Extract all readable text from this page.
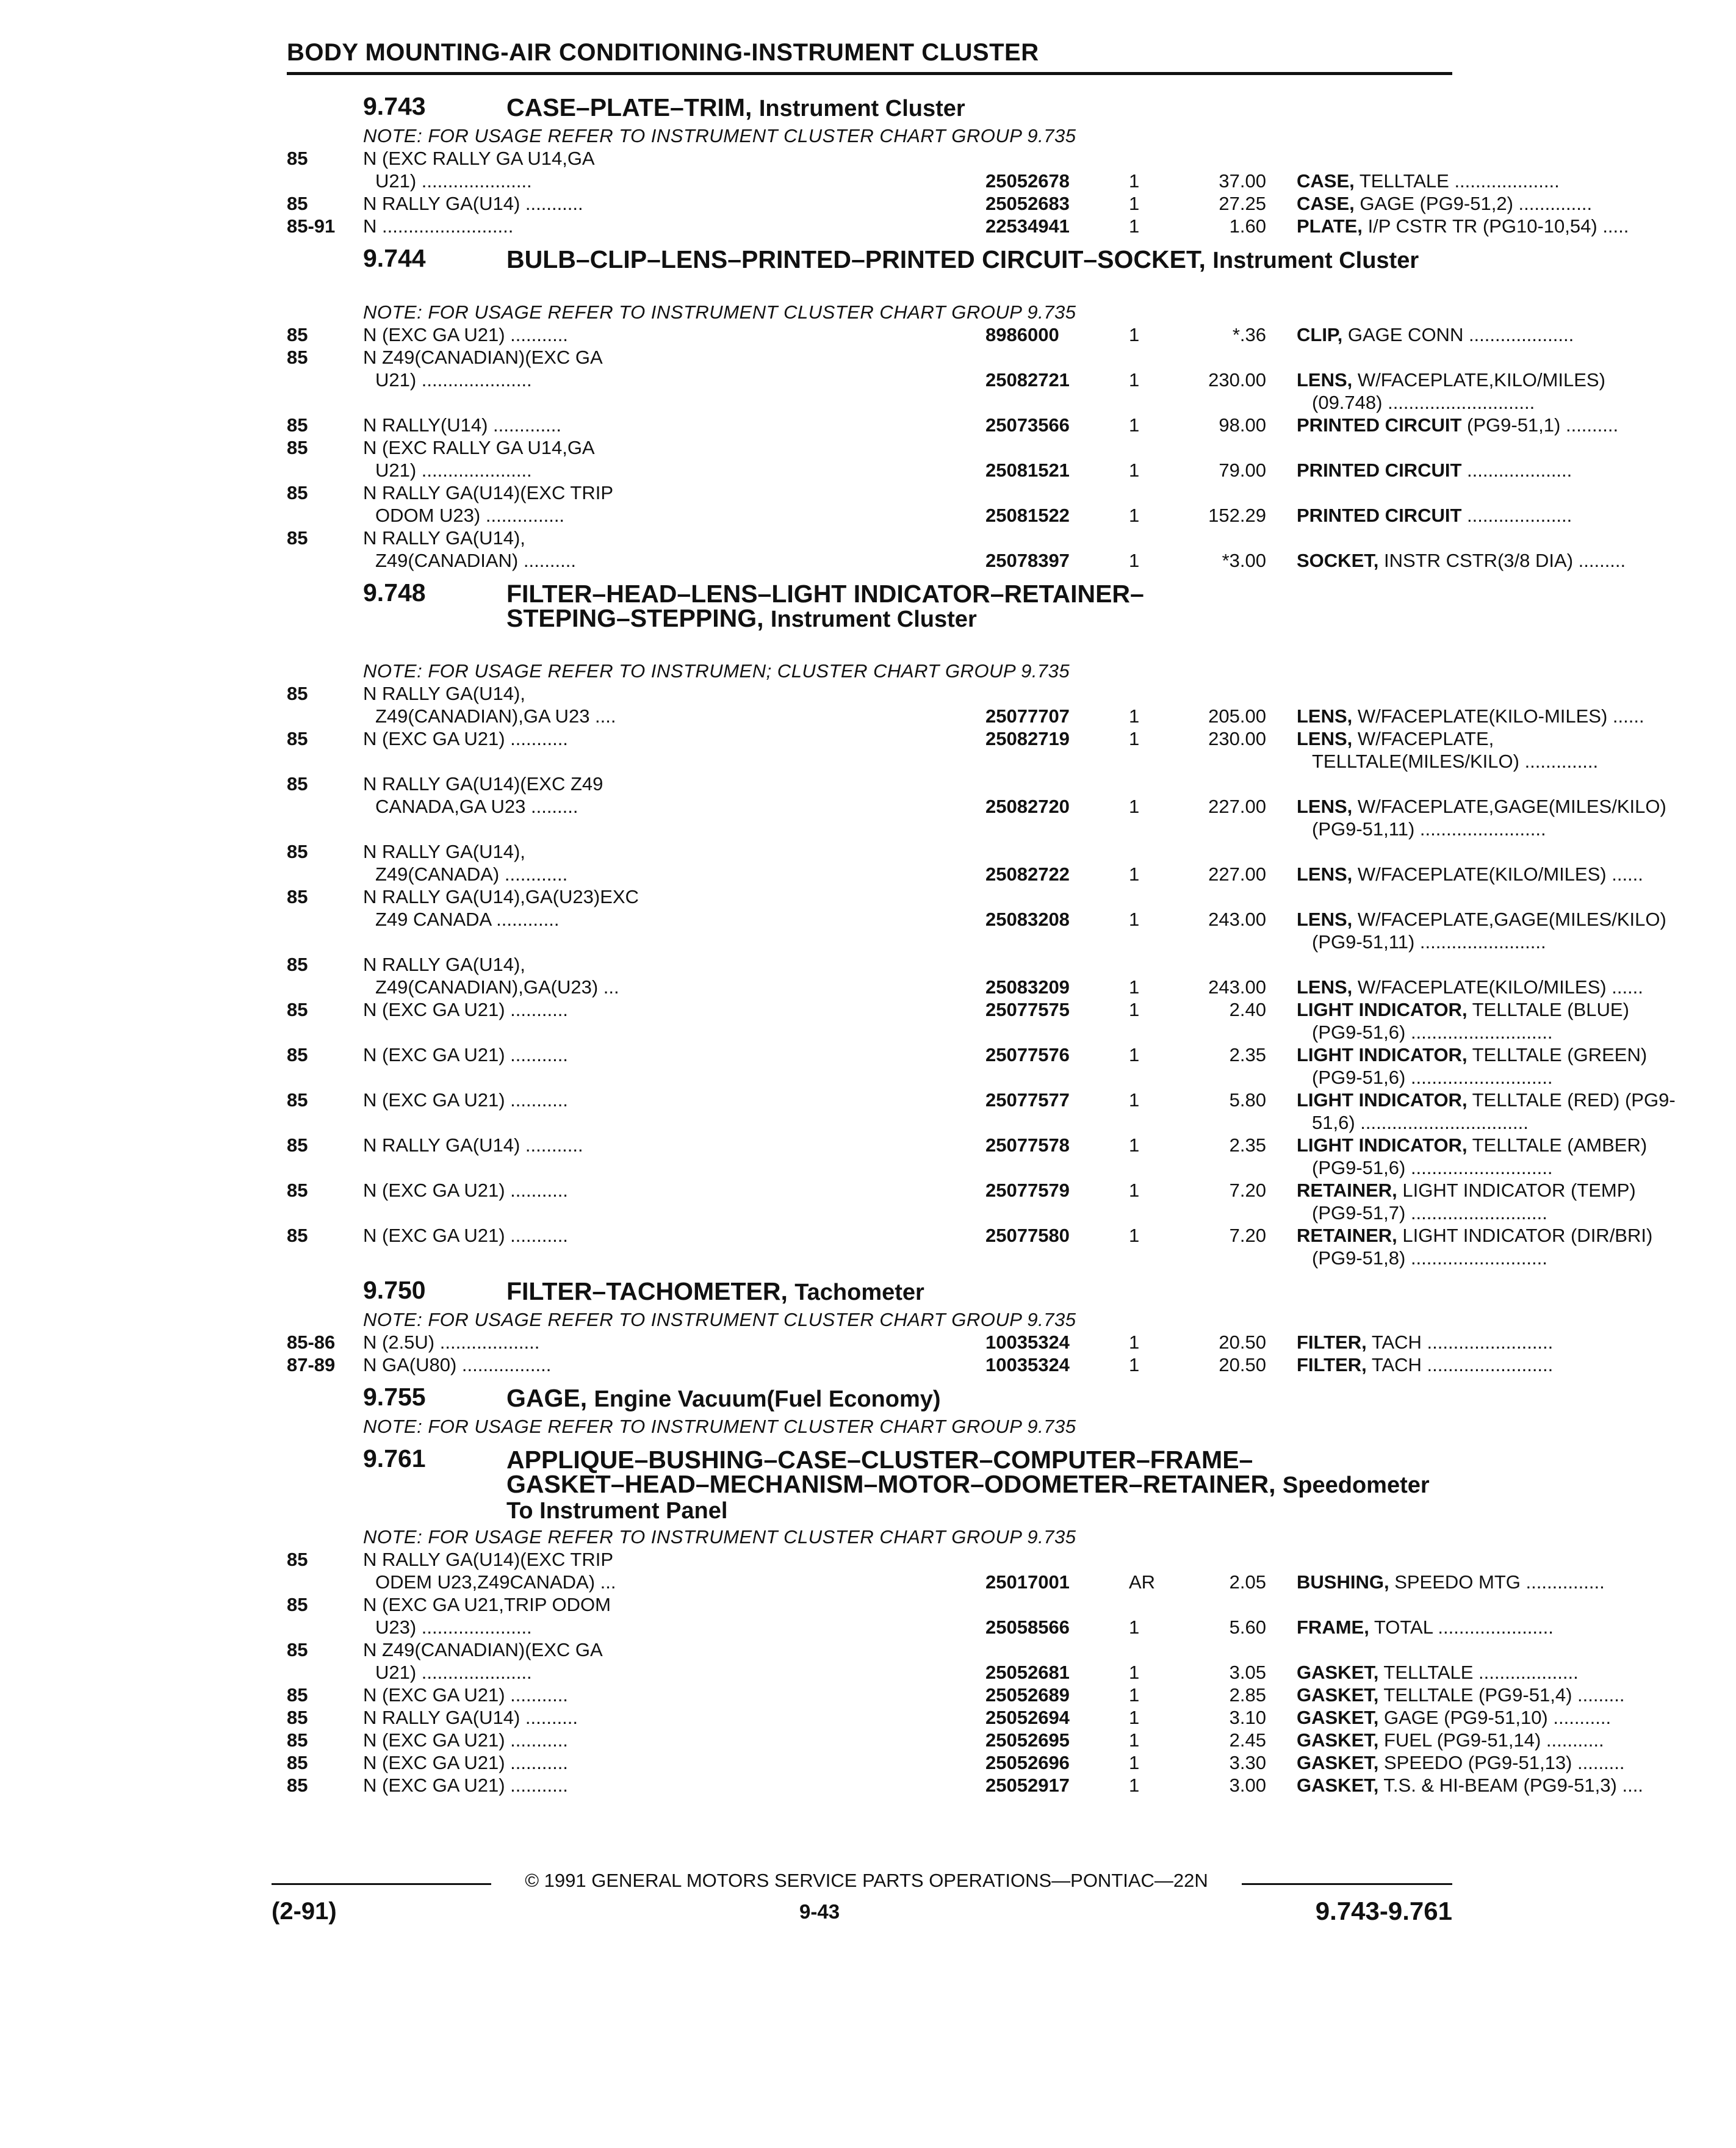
BODY MOUNTING-AIR CONDITIONING-INSTRUMENT CLUSTER
9.743	CASE–PLATE–TRIM, Instrument Cluster
NOTE: FOR USAGE REFER TO INSTRUMENT CLUSTER CHART GROUP 9.735
85	N (EXC RALLY GA U14,GA
U21) .....................	25052678	1	37.00 CASE, TELLTALE ....................
85	N RALLY GA(U14) ...........	25052683	1	27.25 CASE, GAGE (PG9-51,2) ..............
85-91 N .........................	22534941	1	1.60 PLATE, I/P CSTR TR (PG10-10,54) .....
9.744	BULB–CLIP–LENS–PRINTED–PRINTED CIRCUIT–SOCKET, Instrument Cluster
NOTE: FOR USAGE REFER TO INSTRUMENT CLUSTER CHART GROUP 9.735
85	N (EXC GA U21) ...........	8986000	1	*.36 CLIP, GAGE CONN ....................
85	N Z49(CANADIAN)(EXC GA
U21) .....................	25082721	1	230.00 LENS, W/FACEPLATE,KILO/MILES)
(09.748) ............................
85	N RALLY(U14) .............	25073566	1	98.00 PRINTED CIRCUIT (PG9-51,1) ..........
85	N (EXC RALLY GA U14,GA
U21) .....................	25081521	1	79.00 PRINTED CIRCUIT ....................
85	N RALLY GA(U14)(EXC TRIP
ODOM U23) ...............	25081522	1	152.29 PRINTED CIRCUIT ....................
85	N RALLY GA(U14),
Z49(CANADIAN) ..........	25078397	1	*3.00 SOCKET, INSTR CSTR(3/8 DIA) .........
9.748	FILTER–HEAD–LENS–LIGHT INDICATOR–RETAINER–
STEPING–STEPPING, Instrument Cluster
NOTE: FOR USAGE REFER TO INSTRUMEN; CLUSTER CHART GROUP 9.735
85	N RALLY GA(U14),
Z49(CANADIAN),GA U23 ....	25077707	1	205.00 LENS, W/FACEPLATE(KILO-MILES) ......
85	N (EXC GA U21) ...........	25082719	1	230.00 LENS, W/FACEPLATE,
TELLTALE(MILES/KILO) ..............
85	N RALLY GA(U14)(EXC Z49
CANADA,GA U23 .........	25082720	1	227.00 LENS, W/FACEPLATE,GAGE(MILES/KILO)
(PG9-51,11) ........................
85	N RALLY GA(U14),
Z49(CANADA) ............	25082722	1	227.00 LENS, W/FACEPLATE(KILO/MILES) ......
85	N RALLY GA(U14),GA(U23)EXC
Z49 CANADA ............	25083208	1	243.00 LENS, W/FACEPLATE,GAGE(MILES/KILO)
(PG9-51,11) ........................
85	N RALLY GA(U14),
Z49(CANADIAN),GA(U23) ...	25083209	1	243.00 LENS, W/FACEPLATE(KILO/MILES) ......
85	N (EXC GA U21) ...........	25077575	1	2.40 LIGHT INDICATOR, TELLTALE (BLUE)
(PG9-51,6) ...........................
85	N (EXC GA U21) ...........	25077576	1	2.35 LIGHT INDICATOR, TELLTALE (GREEN)
(PG9-51,6) ...........................
85	N (EXC GA U21) ...........	25077577	1	5.80 LIGHT INDICATOR, TELLTALE (RED) (PG9-
51,6) ................................
85	N RALLY GA(U14) ...........	25077578	1	2.35 LIGHT INDICATOR, TELLTALE (AMBER)
(PG9-51,6) ...........................
85	N (EXC GA U21) ...........	25077579	1	7.20 RETAINER, LIGHT INDICATOR (TEMP)
(PG9-51,7) ..........................
85	N (EXC GA U21) ...........	25077580	1	7.20 RETAINER, LIGHT INDICATOR (DIR/BRI)
(PG9-51,8) ..........................
9.750	FILTER–TACHOMETER, Tachometer
NOTE: FOR USAGE REFER TO INSTRUMENT CLUSTER CHART GROUP 9.735
85-86 N (2.5U) ...................	10035324	1	20.50 FILTER, TACH ........................
87-89 N GA(U80) .................	10035324	1	20.50 FILTER, TACH ........................
9.755	GAGE, Engine Vacuum(Fuel Economy)
NOTE: FOR USAGE REFER TO INSTRUMENT CLUSTER CHART GROUP 9.735
9.761	APPLIQUE–BUSHING–CASE–CLUSTER–COMPUTER–FRAME–
GASKET–HEAD–MECHANISM–MOTOR–ODOMETER–RETAINER, Speedometer To Instrument Panel
NOTE: FOR USAGE REFER TO INSTRUMENT CLUSTER CHART GROUP 9.735
85	N RALLY GA(U14)(EXC TRIP
ODEM U23,Z49CANADA) ...	25017001	AR	2.05 BUSHING, SPEEDO MTG ...............
85	N (EXC GA U21,TRIP ODOM
U23) .....................	25058566	1	5.60 FRAME, TOTAL ......................
85	N Z49(CANADIAN)(EXC GA
U21) .....................	25052681	1	3.05 GASKET, TELLTALE ...................
85	N (EXC GA U21) ...........	25052689	1	2.85 GASKET, TELLTALE (PG9-51,4) .........
85	N RALLY GA(U14) ..........	25052694	1	3.10 GASKET, GAGE (PG9-51,10) ...........
85	N (EXC GA U21) ...........	25052695	1	2.45 GASKET, FUEL (PG9-51,14) ...........
85	N (EXC GA U21) ...........	25052696	1	3.30 GASKET, SPEEDO (PG9-51,13) .........
85	N (EXC GA U21) ...........	25052917	1	3.00 GASKET, T.S. & HI-BEAM (PG9-51,3) ....
© 1991 GENERAL MOTORS SERVICE PARTS OPERATIONS—PONTIAC—22N
(2-91)	9-43	9.743-9.761
